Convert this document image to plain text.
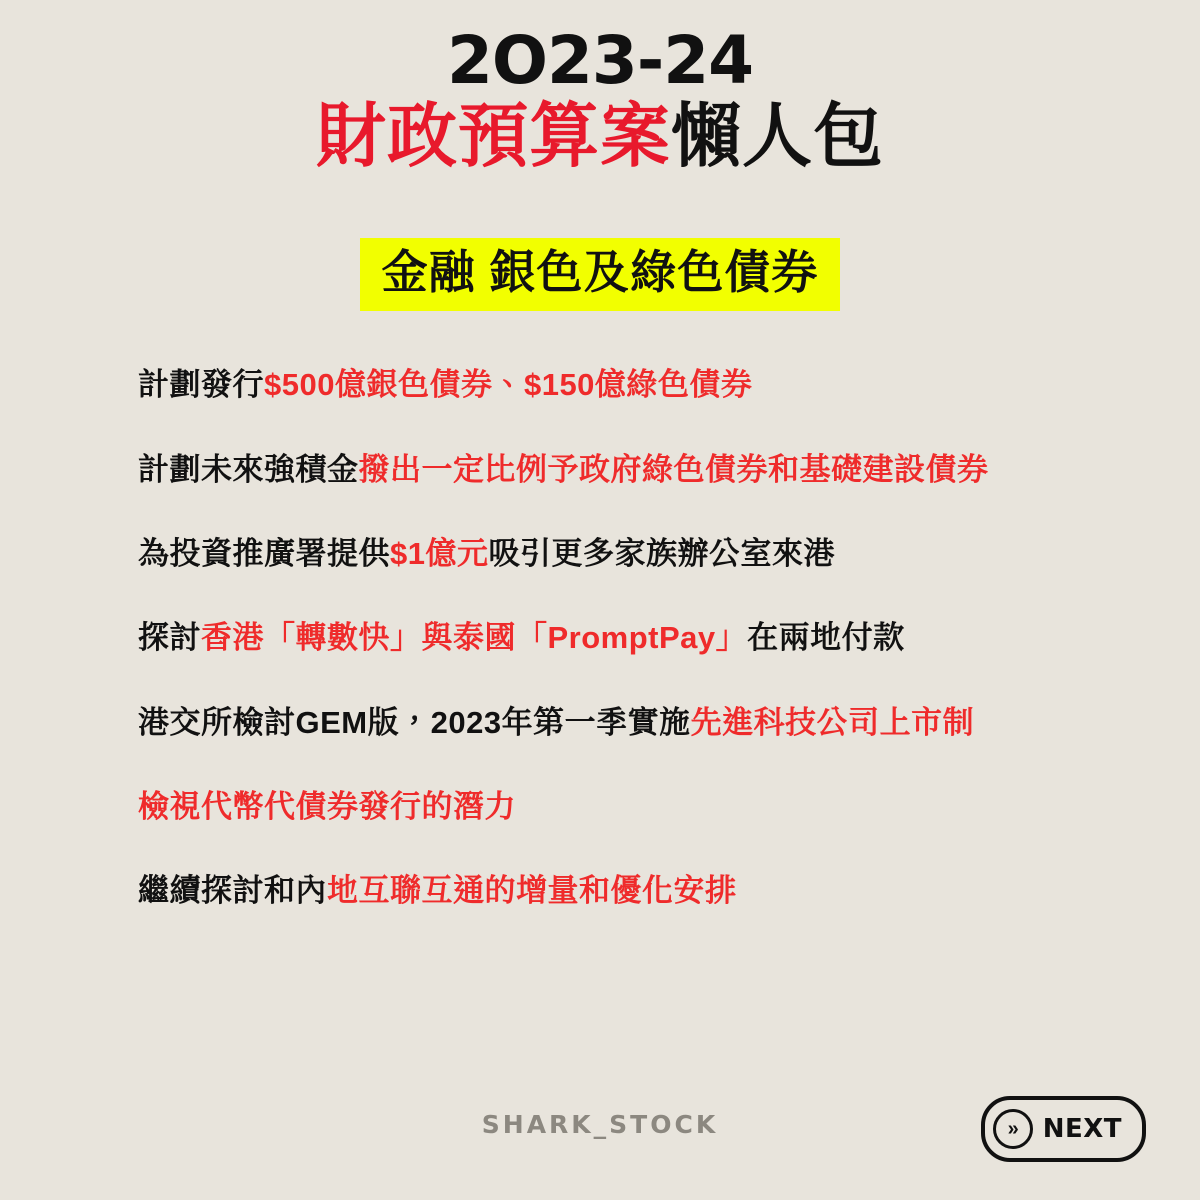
2O23-24
財政預算案懶人包
金融 銀色及綠色債券
計劃發行$500億銀色債券、$150億綠色債券
計劃未來強積金撥出一定比例予政府綠色債券和基礎建設債券
為投資推廣署提供$1億元吸引更多家族辦公室來港
探討香港「轉數快」與泰國「PromptPay」在兩地付款
港交所檢討GEM版，2023年第一季實施先進科技公司上市制
檢視代幣代債券發行的潛力
繼續探討和內地互聯互通的增量和優化安排
SHARK_STOCK	»	NEXT
